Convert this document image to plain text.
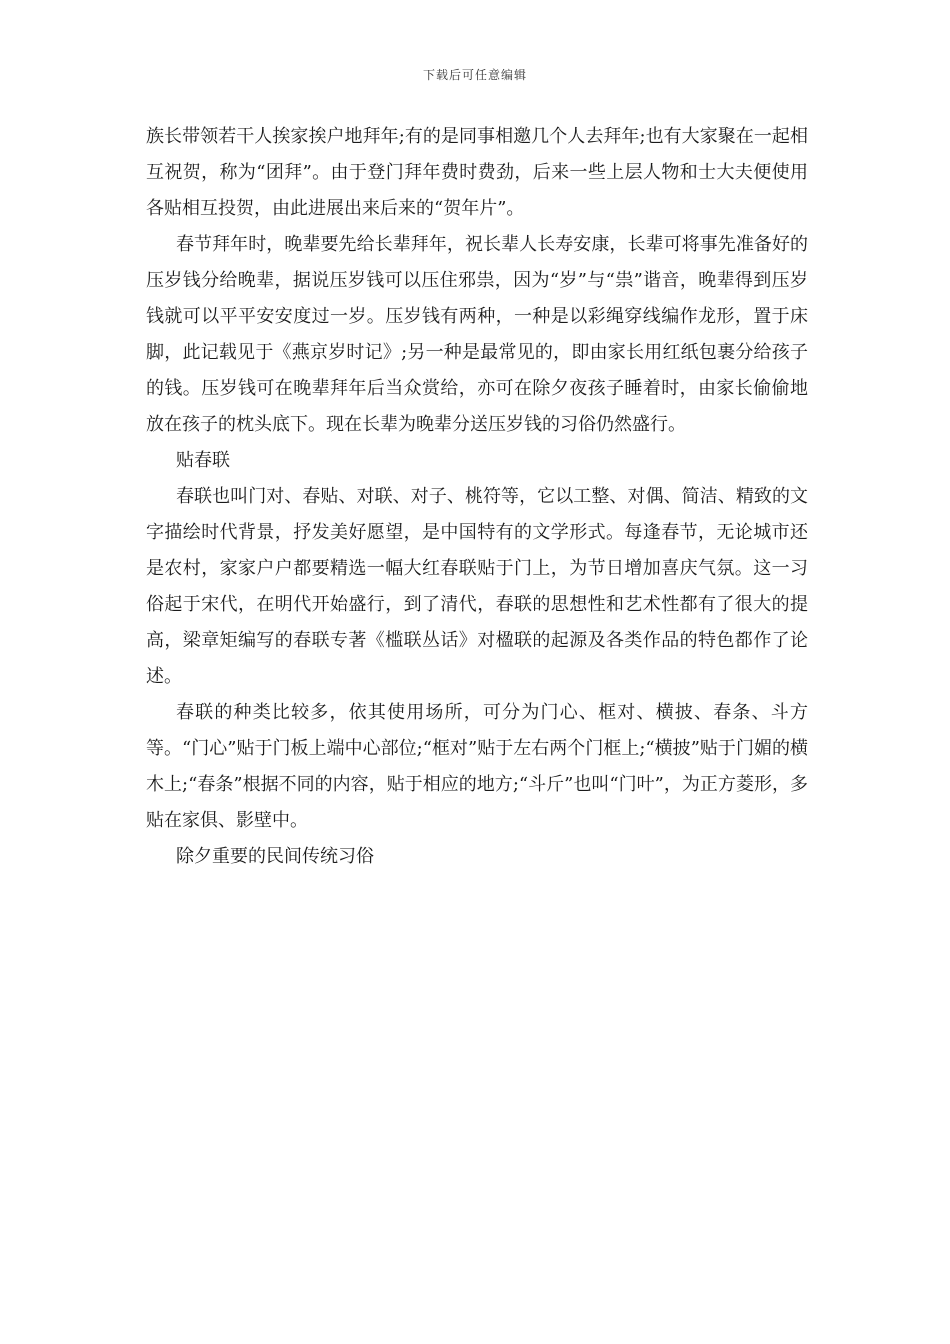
下载后可任意编辑

族长带领若干人挨家挨户地拜年;有的是同事相邀几个人去拜年;也有大家聚在一起相互祝贺，称为“团拜”。由于登门拜年费时费劲，后来一些上层人物和士大夫便使用各贴相互投贺，由此进展出来后来的“贺年片”。

春节拜年时，晚辈要先给长辈拜年，祝长辈人长寿安康，长辈可将事先准备好的压岁钱分给晚辈，据说压岁钱可以压住邪祟，因为“岁”与“祟”谐音，晚辈得到压岁钱就可以平平安安度过一岁。压岁钱有两种，一种是以彩绳穿线编作龙形，置于床脚，此记载见于《燕京岁时记》;另一种是最常见的，即由家长用红纸包裹分给孩子的钱。压岁钱可在晚辈拜年后当众赏给，亦可在除夕夜孩子睡着时，由家长偷偷地放在孩子的枕头底下。现在长辈为晚辈分送压岁钱的习俗仍然盛行。

贴春联

春联也叫门对、春贴、对联、对子、桃符等，它以工整、对偶、简洁、精致的文字描绘时代背景，抒发美好愿望，是中国特有的文学形式。每逢春节，无论城市还是农村，家家户户都要精选一幅大红春联贴于门上，为节日增加喜庆气氛。这一习俗起于宋代，在明代开始盛行，到了清代，春联的思想性和艺术性都有了很大的提高，梁章矩编写的春联专著《槛联丛话》对楹联的起源及各类作品的特色都作了论述。

春联的种类比较多，依其使用场所，可分为门心、框对、横披、春条、斗方等。“门心”贴于门板上端中心部位;“框对”贴于左右两个门框上;“横披”贴于门媚的横木上;“春条”根据不同的内容，贴于相应的地方;“斗斤”也叫“门叶”，为正方菱形，多贴在家俱、影壁中。

除夕重要的民间传统习俗
